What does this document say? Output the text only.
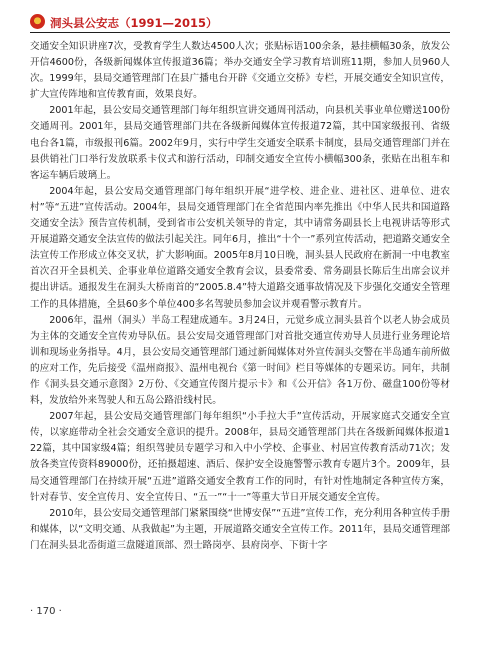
洞头县公安志（1991—2015）

交通安全知识讲座7次，受教育学生人数达4500人次；张贴标语100余条，悬挂横幅30条，放发公开信4600份，各级新闻媒体宣传报道36篇；举办交通安全学习教育培训班11期，参加人员960人次。1999年，县局交通管理部门在县广播电台开辟《交通立交桥》专栏，开展交通安全知识宣传，扩大宣传阵地和宣传教育面，效果良好。

2001年起，县公安局交通管理部门每年组织宣讲交通周刊活动，向县机关事业单位赠送100份交通周刊。2001年，县局交通管理部门共在各级新闻媒体宣传报道72篇，其中国家级报刊、省级电台各1篇，市级报刊6篇。2002年9月，实行中学生交通安全联系卡制度，县局交通管理部门并在县供销社门口举行发放联系卡仪式和游行活动，印制交通安全宣传小横幅300条，张贴在出租车和客运车辆后玻璃上。

2004年起，县公安局交通管理部门每年组织开展“进学校、进企业、进社区、进单位、进农村”等“五进”宣传活动。2004年，县局交通管理部门在全省范围内率先推出《中华人民共和国道路交通安全法》预告宣传机制，受到省市公安机关领导的肯定，其中请常务副县长上电视讲话等形式开展道路交通安全法宣传的做法引起关注。同年6月，推出“十个一”系列宣传活动，把道路交通安全法宣传工作形成立体交叉状，扩大影响面。2005年8月10日晚，洞头县人民政府在新洞一中电教室首次召开全县机关、企事业单位道路交通安全教育会议，县委常委、常务副县长陈后生出席会议并提出讲话。通报发生在洞头大桥南首的“2005.8.4”特大道路交通事故情况及下步强化交通安全管理工作的具体措施，全县60多个单位400多名驾驶员参加会议并观看警示教育片。

2006年，温州（洞头）半岛工程建成通车。3月24日，元觉乡成立洞头县首个以老人协会成员为主体的交通安全宣传劝导队伍。县公安局交通管理部门对首批交通宣传劝导人员进行业务理论培训和现场业务指导。4月，县公安局交通管理部门通过新闻媒体对外宣传洞头交警在半岛通车前所做的应对工作，先后接受《温州商报》、温州电视台《第一时间》栏目等媒体的专题采访。同年，共制作《洞头县交通示意图》2万份、《交通宣传图片提示卡》和《公开信》各1万份、磁盘100份等材料，发放给外来驾驶人和五岛公路沿线村民。

2007年起，县公安局交通管理部门每年组织“小手拉大手”宣传活动，开展家庭式交通安全宣传，以家庭带动全社会交通安全意识的提升。2008年，县局交通管理部门共在各级新闻媒体报道122篇，其中国家级4篇；组织驾驶员专题学习和入中小学校、企事业、村居宣传教育活动71次；发放各类宣传资料89000份，还拍摄超速、酒后、保护安全设施警警示教育专题片3个。2009年，县局交通管理部门在持续开展“五进”道路交通安全教育工作的同时，有针对性地制定各种宣传方案，针对春节、安全宣传月、安全宣传日、“五一”“十一”等重大节日开展交通安全宣传。

2010年，县公安局交通管理部门紧紧围绕“世博安保”“五进”宣传工作，充分利用各种宣传手册和媒体，以“文明交通、从我做起”为主题，开展道路交通安全宣传工作。2011年，县局交通管理部门在洞头县北岙街道三盘隧道顶部、烈士路岗亭、县府岗亭、下街十字

· 170 ·
